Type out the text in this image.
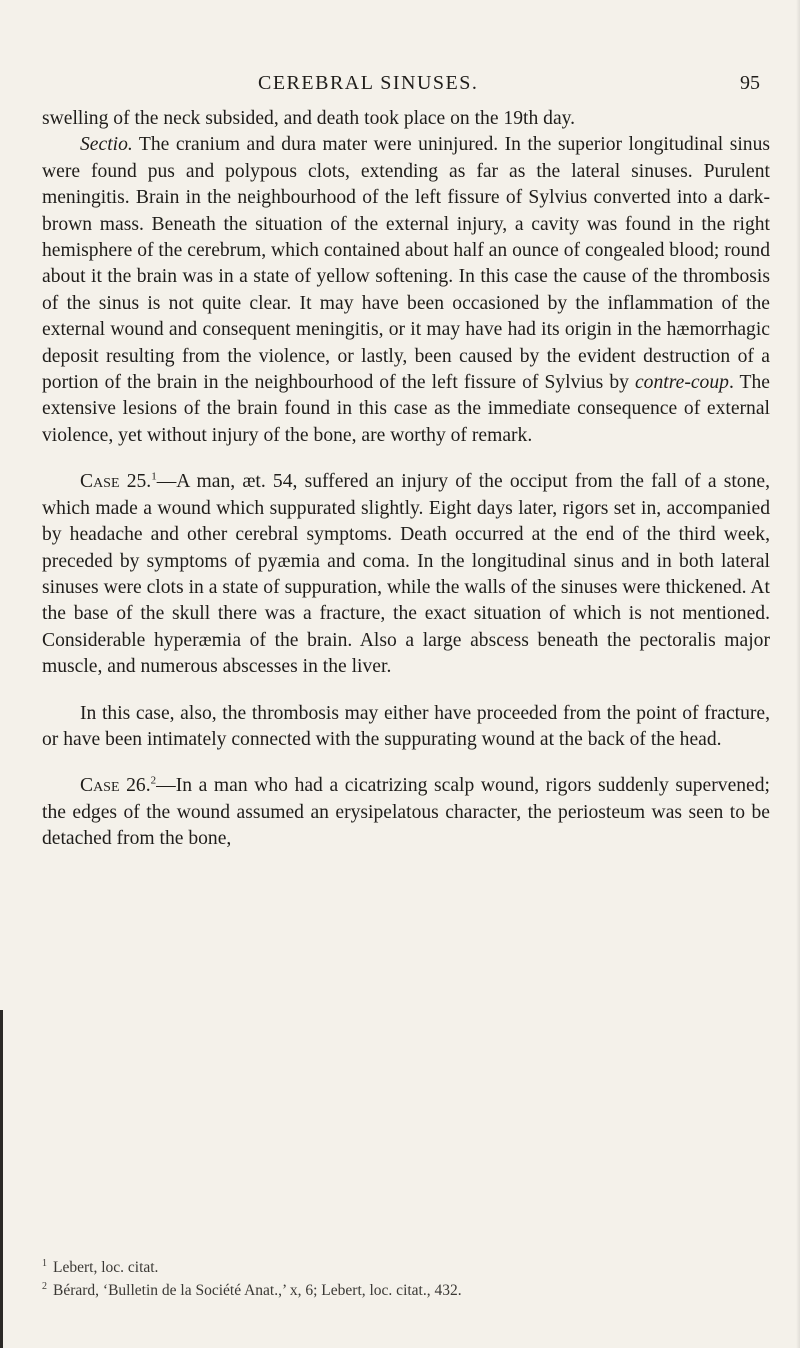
CEREBRAL SINUSES.	95

swelling of the neck subsided, and death took place on the 19th day.

Sectio. The cranium and dura mater were uninjured. In the superior longitudinal sinus were found pus and polypous clots, extending as far as the lateral sinuses. Purulent meningitis. Brain in the neighbourhood of the left fissure of Sylvius converted into a dark-brown mass. Beneath the situation of the external injury, a cavity was found in the right hemisphere of the cerebrum, which contained about half an ounce of congealed blood; round about it the brain was in a state of yellow softening. In this case the cause of the thrombosis of the sinus is not quite clear. It may have been occasioned by the inflammation of the external wound and consequent meningitis, or it may have had its origin in the hæmorrhagic deposit resulting from the violence, or lastly, been caused by the evident destruction of a portion of the brain in the neighbourhood of the left fissure of Sylvius by contre-coup. The extensive lesions of the brain found in this case as the immediate consequence of external violence, yet without injury of the bone, are worthy of remark.

Case 25.$^1$—A man, æt. 54, suffered an injury of the occiput from the fall of a stone, which made a wound which suppurated slightly. Eight days later, rigors set in, accompanied by headache and other cerebral symptoms. Death occurred at the end of the third week, preceded by symptoms of pyæmia and coma. In the longitudinal sinus and in both lateral sinuses were clots in a state of suppuration, while the walls of the sinuses were thickened. At the base of the skull there was a fracture, the exact situation of which is not mentioned. Considerable hyperæmia of the brain. Also a large abscess beneath the pectoralis major muscle, and numerous abscesses in the liver.

In this case, also, the thrombosis may either have proceeded from the point of fracture, or have been intimately connected with the suppurating wound at the back of the head.

Case 26.$^2$—In a man who had a cicatrizing scalp wound, rigors suddenly supervened; the edges of the wound assumed an erysipelatous character, the periosteum was seen to be detached from the bone,

$^1$ Lebert, loc. citat.

$^2$ Bérard, ‘Bulletin de la Société Anat.,’ x, 6; Lebert, loc. citat., 432.
